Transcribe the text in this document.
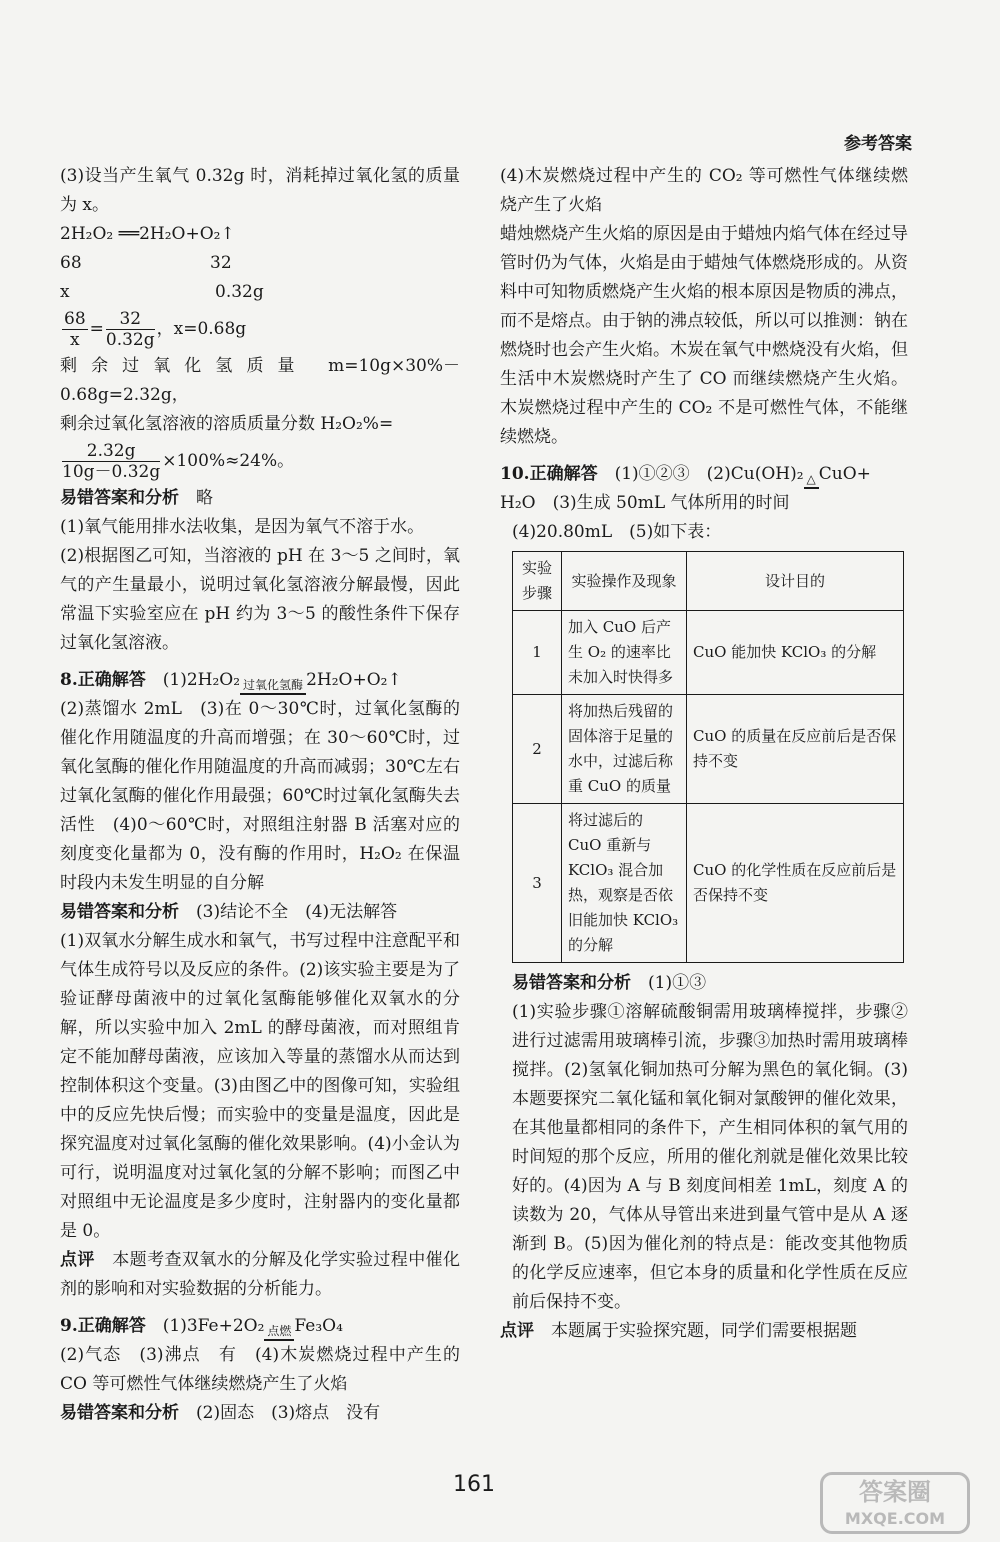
参考答案

(3)设当产生氧气 0.32g 时，消耗掉过氧化氢的质量为 x。

2H₂O₂ ══2H₂O+O₂↑

68	32
x	0.32g

$\frac{68}{x} = \frac{32}{0.32g}$ ，x=0.68g

剩余过氧化氢质量 m=10g×30%－0.68g=2.32g，

剩余过氧化氢溶液的溶质质量分数 H₂O₂%=

$\frac{2.32g}{10g-0.32g} \times 100\%\approx 24\%$。

易错答案和分析　 略

(1)氧气能用排水法收集，是因为氧气不溶于水。

(2)根据图乙可知，当溶液的 pH 在 3～5 之间时，氧气的产生量最小，说明过氧化氢溶液分解最慢，因此常温下实验室应在 pH 约为 3～5 的酸性条件下保存过氧化氢溶液。

8.正确解答　 (1)2H₂O₂ 过氧化氢酶 2H₂O+O₂↑

(2)蒸馏水 2mL　(3)在 0～30℃时，过氧化氢酶的催化作用随温度的升高而增强；在 30～60℃时，过氧化氢酶的催化作用随温度的升高而减弱；30℃左右过氧化氢酶的催化作用最强；60℃时过氧化氢酶失去活性　(4)0～60℃时，对照组注射器 B 活塞对应的刻度变化量都为 0，没有酶的作用时，H₂O₂ 在保温时段内未发生明显的自分解

易错答案和分析　 (3)结论不全　(4)无法解答

(1)双氧水分解生成水和氧气，书写过程中注意配平和气体生成符号以及反应的条件。(2)该实验主要是为了验证酵母菌液中的过氧化氢酶能够催化双氧水的分解，所以实验中加入 2mL 的酵母菌液，而对照组肯定不能加酵母菌液，应该加入等量的蒸馏水从而达到控制体积这个变量。(3)由图乙中的图像可知，实验组中的反应先快后慢；而实验中的变量是温度，因此是探究温度对过氧化氢酶的催化效果影响。(4)小金认为可行，说明温度对过氧化氢的分解不影响；而图乙中对照组中无论温度是多少度时，注射器内的变化量都是 0。

点评　 本题考查双氧水的分解及化学实验过程中催化剂的影响和对实验数据的分析能力。

9.正确解答　 (1)3Fe+2O₂ 点燃 Fe₃O₄

(2)气态　(3)沸点　有　(4)木炭燃烧过程中产生的 CO 等可燃性气体继续燃烧产生了火焰

易错答案和分析　 (2)固态　(3)熔点　没有

(4)木炭燃烧过程中产生的 CO₂ 等可燃性气体继续燃烧产生了火焰

蜡烛燃烧产生火焰的原因是由于蜡烛内焰气体在经过导管时仍为气体，火焰是由于蜡烛气体燃烧形成的。从资料中可知物质燃烧产生火焰的根本原因是物质的沸点，而不是熔点。由于钠的沸点较低，所以可以推测：钠在燃烧时也会产生火焰。木炭在氧气中燃烧没有火焰，但生活中木炭燃烧时产生了 CO 而继续燃烧产生火焰。木炭燃烧过程中产生的 CO₂ 不是可燃性气体，不能继续燃烧。

10.正确解答　 (1)①②③　(2)Cu(OH)₂ △ CuO+

H₂O　(3)生成 50mL 气体所用的时间

(4)20.80mL　(5)如下表：

实验步骤	实验操作及现象	设计目的
1	加入 CuO 后产生 O₂ 的速率比未加入时快得多	CuO 能加快 KClO₃ 的分解
2	将加热后残留的固体溶于足量的水中，过滤后称重 CuO 的质量	CuO 的质量在反应前后是否保持不变
3	将过滤后的 CuO 重新与 KClO₃ 混合加热，观察是否依旧能加快 KClO₃ 的分解	CuO 的化学性质在反应前后是否保持不变

易错答案和分析　 (1)①③

(1)实验步骤①溶解硫酸铜需用玻璃棒搅拌，步骤②进行过滤需用玻璃棒引流，步骤③加热时需用玻璃棒搅拌。(2)氢氧化铜加热可分解为黑色的氧化铜。(3)本题要探究二氧化锰和氧化铜对氯酸钾的催化效果，在其他量都相同的条件下，产生相同体积的氧气用的时间短的那个反应，所用的催化剂就是催化效果比较好的。(4)因为 A 与 B 刻度间相差 1mL，刻度 A 的读数为 20，气体从导管出来进到量气管中是从 A 逐渐到 B。(5)因为催化剂的特点是：能改变其他物质的化学反应速率，但它本身的质量和化学性质在反应前后保持不变。

点评　 本题属于实验探究题，同学们需要根据题

161	答案圈
MXQE.COM
